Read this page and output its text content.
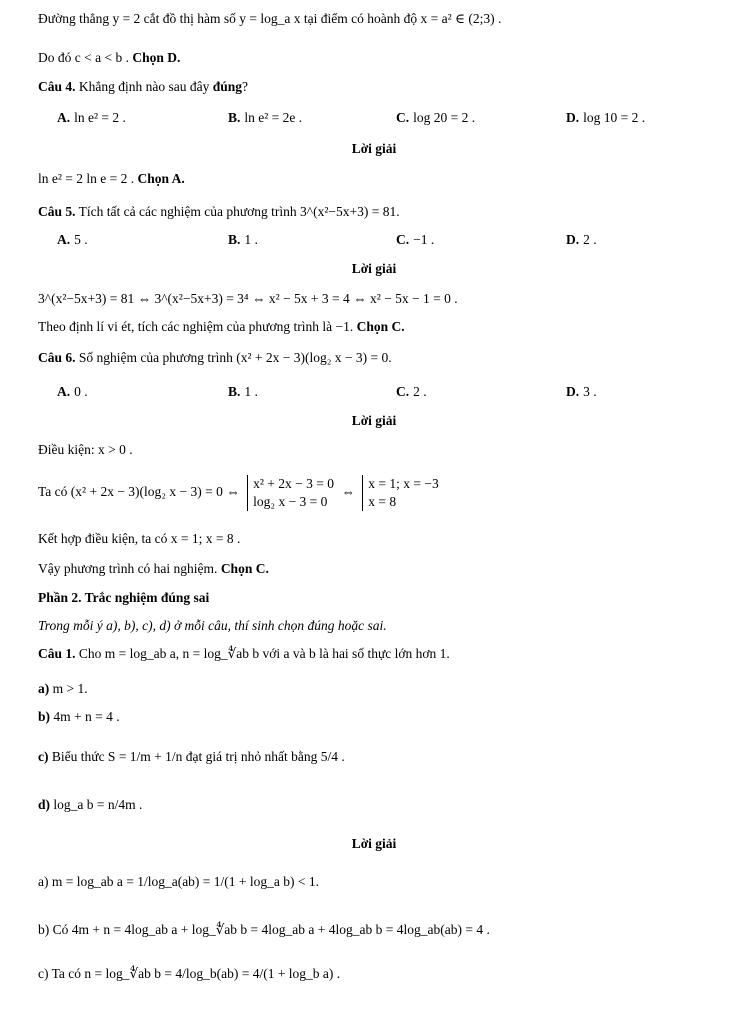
Đường thẳng y = 2 cắt đồ thị hàm số y = log_a x tại điểm có hoành độ x = a² ∈ (2;3) .
Do đó c < a < b . Chọn D.
Câu 4. Khẳng định nào sau đây đúng?
A. ln e² = 2 .	B. ln e² = 2e .	C. log 20 = 2 .	D. log 10 = 2 .
Lời giải
ln e² = 2 ln e = 2 . Chọn A.
Câu 5. Tích tất cả các nghiệm của phương trình 3^(x²−5x+3) = 81.
A. 5 .	B. 1 .	C. −1 .	D. 2 .
Lời giải
3^(x²−5x+3) = 81 ⇔ 3^(x²−5x+3) = 3⁴ ⇔ x² − 5x + 3 = 4 ⇔ x² − 5x − 1 = 0 .
Theo định lí vi ét, tích các nghiệm của phương trình là −1. Chọn C.
Câu 6. Số nghiệm của phương trình (x² + 2x − 3)(log₂ x − 3) = 0.
A. 0 .	B. 1 .	C. 2 .	D. 3 .
Lời giải
Điều kiện: x > 0 .
Ta có (x² + 2x − 3)(log₂ x − 3) = 0 ⇔
x² + 2x − 3 = 0
log₂ x − 3 = 0
⇔
x = 1; x = −3
x = 8
Kết hợp điều kiện, ta có x = 1; x = 8 .
Vậy phương trình có hai nghiệm. Chọn C.
Phần 2. Trắc nghiệm đúng sai
Trong mỗi ý a), b), c), d) ở mỗi câu, thí sinh chọn đúng hoặc sai.
Câu 1. Cho m = log_ab a, n = log_∜ab b với a và b là hai số thực lớn hơn 1.
a) m > 1.
b) 4m + n = 4 .
c) Biểu thức S = 1/m + 1/n đạt giá trị nhỏ nhất bằng 5/4 .
d) log_a b = n/4m .
Lời giải
a) m = log_ab a = 1/log_a(ab) = 1/(1 + log_a b) < 1.
b) Có 4m + n = 4log_ab a + log_∜ab b = 4log_ab a + 4log_ab b = 4log_ab(ab) = 4 .
c) Ta có n = log_∜ab b = 4/log_b(ab) = 4/(1 + log_b a) .
